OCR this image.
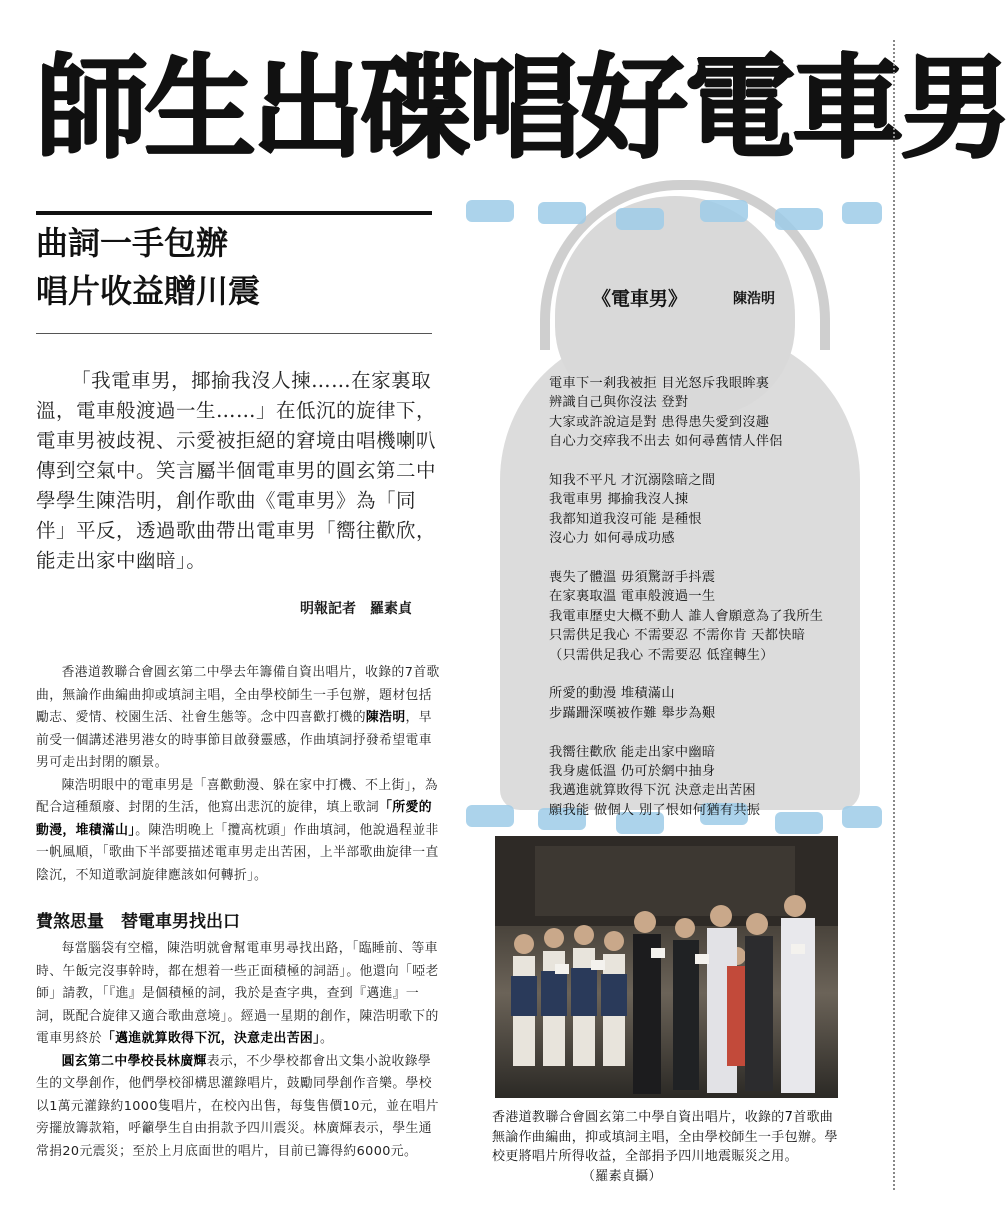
師生出碟唱好電車男
曲詞一手包辦
唱片收益贈川震

「我電車男，揶揄我沒人揀……在家裏取溫，電車般渡過一生……」在低沉的旋律下，電車男被歧視、示愛被拒絕的窘境由唱機喇叭傳到空氣中。笑言屬半個電車男的圓玄第二中學學生陳浩明，創作歌曲《電車男》為「同伴」平反，透過歌曲帶出電車男「嚮往歡欣，能走出家中幽暗」。

明報記者　羅素貞

香港道教聯合會圓玄第二中學去年籌備自資出唱片，收錄的7首歌曲，無論作曲編曲抑或填詞主唱，全由學校師生一手包辦，題材包括勵志、愛情、校園生活、社會生態等。念中四喜歡打機的陳浩明，早前受一個講述港男港女的時事節目啟發靈感，作曲填詞抒發希望電車男可走出封閉的願景。

陳浩明眼中的電車男是「喜歡動漫、躲在家中打機、不上街」，為配合這種頹廢、封閉的生活，他寫出悲沉的旋律，填上歌詞「所愛的動漫，堆積滿山」。陳浩明晚上「攬高枕頭」作曲填詞，他說過程並非一帆風順，「歌曲下半部要描述電車男走出苦困，上半部歌曲旋律一直陰沉，不知道歌詞旋律應該如何轉折」。

費煞思量　替電車男找出口

每當腦袋有空檔，陳浩明就會幫電車男尋找出路，「臨睡前、等車時、午飯完沒事幹時，都在想着一些正面積極的詞語」。他還向「啞老師」請教，「『進』是個積極的詞，我於是查字典，查到『邁進』一詞，既配合旋律又適合歌曲意境」。經過一星期的創作，陳浩明歌下的電車男終於「邁進就算敗得下沉，決意走出苦困」。

圓玄第二中學校長林廣輝表示，不少學校都會出文集小說收錄學生的文學創作，他們學校卻構思灌錄唱片，鼓勵同學創作音樂。學校以1萬元灌錄約1000隻唱片，在校內出售，每隻售價10元，並在唱片旁擺放籌款箱，呼籲學生自由捐款予四川震災。林廣輝表示，學生通常捐20元震災；至於上月底面世的唱片，目前已籌得約6000元。

《電車男》	陳浩明
電車下一剎我被拒 目光怒斥我眼眸裏
辨識自己與你沒法 登對
大家或許說這是對 患得患失愛到沒趣
自心力交瘁我不出去 如何尋舊情人伴侶
知我不平凡 才沉溺陰暗之間
我電車男 揶揄我沒人揀
我都知道我沒可能 是種恨
沒心力 如何尋成功感
喪失了體溫 毋須驚訝手抖震
在家裏取溫 電車般渡過一生
我電車歷史大概不動人 誰人會願意為了我所生
只需供足我心 不需要忍 不需你肯 天都快暗
（只需供足我心 不需要忍 低窪轉生）
所愛的動漫 堆積滿山
步蹣跚深嘆被作難 舉步為艱
我嚮往歡欣 能走出家中幽暗
我身處低溫 仍可於網中抽身
我邁進就算敗得下沉 決意走出苦困
願我能 做個人 別了恨如何猶有共振
香港道教聯合會圓玄第二中學自資出唱片，收錄的7首歌曲無論作曲編曲，抑或填詞主唱，全由學校師生一手包辦。學校更將唱片所得收益，全部捐予四川地震賑災之用。 （羅素貞攝）
